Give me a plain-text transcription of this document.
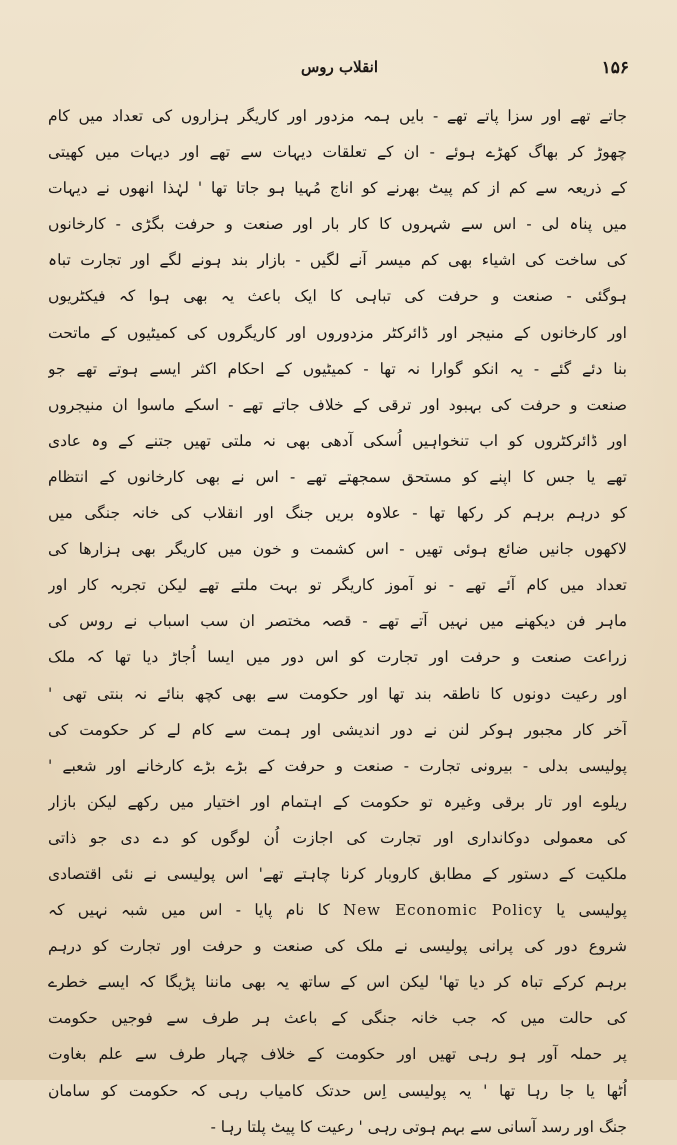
۱۵۶
انقلاب روس
جاتے تھے اور سزا پاتے تھے - بایں ہمہ مزدور اور کاریگر ہزاروں کی تعداد میں کام
چھوڑ کر بھاگ کھڑے ہوئے - ان کے تعلقات دیہات سے تھے اور دیہات میں کھیتی
کے ذریعہ سے کم از کم پیٹ بھرنے کو اناج مُہیا ہو جاتا تھا ' لہٰذا انھوں نے دیہات
میں پناہ لی - اس سے شہروں کا کار بار اور صنعت و حرفت بگڑی - کارخانوں
کی ساخت کی اشیاء بھی کم میسر آنے لگیں - بازار بند ہونے لگے اور تجارت تباہ
ہوگئی - صنعت و حرفت کی تباہی کا ایک باعث یہ بھی ہوا کہ فیکٹریوں
اور کارخانوں کے منیجر اور ڈائرکٹر مزدوروں اور کاریگروں کی کمیٹیوں کے ماتحت
بنا دئے گئے - یہ انکو گوارا نہ تھا - کمیٹیوں کے احکام اکثر ایسے ہوتے تھے جو
صنعت و حرفت کی بہبود اور ترقی کے خلاف جاتے تھے - اسکے ماسوا ان منیجروں
اور ڈائرکٹروں کو اب تنخواہیں اُسکی آدھی بھی نہ ملتی تھیں جتنے کے وہ عادی
تھے یا جس کا اپنے کو مستحق سمجھتے تھے - اس نے بھی کارخانوں کے انتظام
کو درہم برہم کر رکھا تھا - علاوہ بریں جنگ اور انقلاب کی خانہ جنگی میں
لاکھوں جانیں ضائع ہوئی تھیں - اس کشمت و خون میں کاریگر بھی ہزارھا کی
تعداد میں کام آئے تھے - نو آموز کاریگر تو بہت ملتے تھے لیکن تجربہ کار اور
ماہر فن دیکھنے میں نہیں آتے تھے - قصہ مختصر ان سب اسباب نے روس کی
زراعت صنعت و حرفت اور تجارت کو اس دور میں ایسا اُجاڑ دیا تھا کہ ملک
اور رعیت دونوں کا ناطقہ بند تھا اور حکومت سے بھی کچھ بنائے نہ بنتی تھی '
آخر کار مجبور ہوکر لنن نے دور اندیشی اور ہمت سے کام لے کر حکومت کی
پولیسی بدلی - بیرونی تجارت - صنعت و حرفت کے بڑے بڑے کارخانے اور شعبے '
ریلوے اور تار برقی وغیرہ تو حکومت کے اہتمام اور اختیار میں رکھے لیکن بازار
کی معمولی دوکانداری اور تجارت کی اجازت اُن لوگوں کو دے دی جو ذاتی
ملکیت کے دستور کے مطابق کاروبار کرنا چاہتے تھے' اس پولیسی نے نئی اقتصادی
پولیسی یا New Economic Policy کا نام پایا - اس میں شبہ نہیں کہ
شروع دور کی پرانی پولیسی نے ملک کی صنعت و حرفت اور تجارت کو درہم
برہم کرکے تباہ کر دیا تھا' لیکن اس کے ساتھ یہ بھی ماننا پڑیگا کہ ایسے خطرے
کی حالت میں کہ جب خانہ جنگی کے باعث ہر طرف سے فوجیں حکومت
پر حملہ آور ہو رہی تھیں اور حکومت کے خلاف چہار طرف سے علم بغاوت
اُٹھا یا جا رہا تھا ' یہ پولیسی اِس حدتک کامیاب رہی کہ حکومت کو سامان
جنگ اور رسد آسانی سے بہم ہوتی رہی ' رعیت کا پیٹ پلتا رہا -
